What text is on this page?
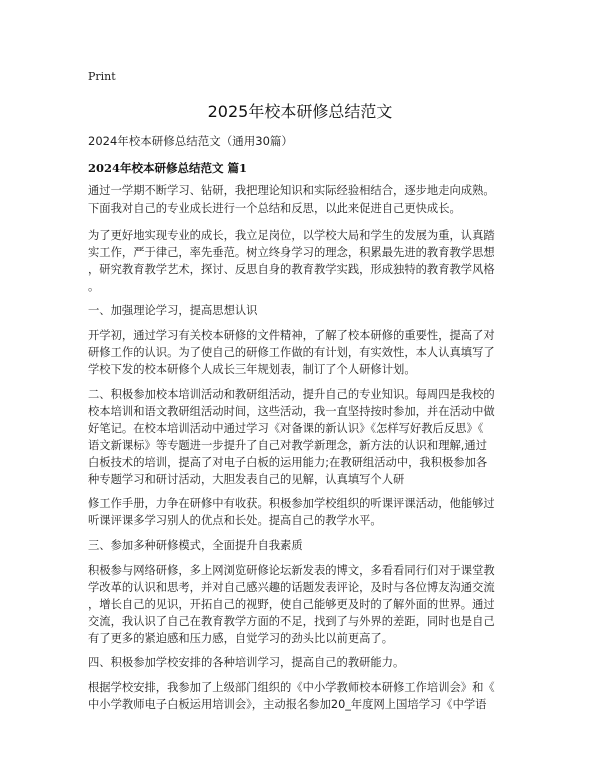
Print
2025年校本研修总结范文
2024年校本研修总结范文（通用30篇）
2024年校本研修总结范文 篇1
通过一学期不断学习、钻研，我把理论知识和实际经验相结合，逐步地走向成熟。
下面我对自己的专业成长进行一个总结和反思，以此来促进自己更快成长。
为了更好地实现专业的成长，我立足岗位，以学校大局和学生的发展为重，认真踏
实工作，严于律己，率先垂范。树立终身学习的理念，积累最先进的教育教学思想
，研究教育教学艺术，探讨、反思自身的教育教学实践，形成独特的教育教学风格
。
一、加强理论学习，提高思想认识
开学初，通过学习有关校本研修的文件精神，了解了校本研修的重要性，提高了对
研修工作的认识。为了使自己的研修工作做的有计划，有实效性，本人认真填写了
学校下发的校本研修个人成长三年规划表，制订了个人研修计划。
二、积极参加校本培训活动和教研组活动，提升自己的专业知识。每周四是我校的
校本培训和语文教研组活动时间，这些活动，我一直坚持按时参加，并在活动中做
好笔记。在校本培训活动中通过学习《对备课的新认识》《怎样写好教后反思》《
语文新课标》等专题进一步提升了自己对教学新理念，新方法的认识和理解,通过
白板技术的培训，提高了对电子白板的运用能力;在教研组活动中，我积极参加各
种专题学习和研讨活动，大胆发表自己的见解，认真填写个人研
修工作手册，力争在研修中有收获。积极参加学校组织的听课评课活动，他能够过
听课评课多学习别人的优点和长处。提高自己的教学水平。
三、参加多种研修模式，全面提升自我素质
积极参与网络研修，多上网浏览研修论坛新发表的博文，多看看同行们对于课堂教
学改革的认识和思考，并对自己感兴趣的话题发表评论，及时与各位博友沟通交流
，增长自己的见识，开拓自己的视野，使自己能够更及时的了解外面的世界。通过
交流，我认识了自己在教育教学方面的不足，找到了与外界的差距，同时也是自己
有了更多的紧迫感和压力感，自觉学习的劲头比以前更高了。
四、积极参加学校安排的各种培训学习，提高自己的教研能力。
根据学校安排，我参加了上级部门组织的《中小学教师校本研修工作培训会》和《
中小学教师电子白板运用培训会》，主动报名参加20_年度网上国培学习《中学语
